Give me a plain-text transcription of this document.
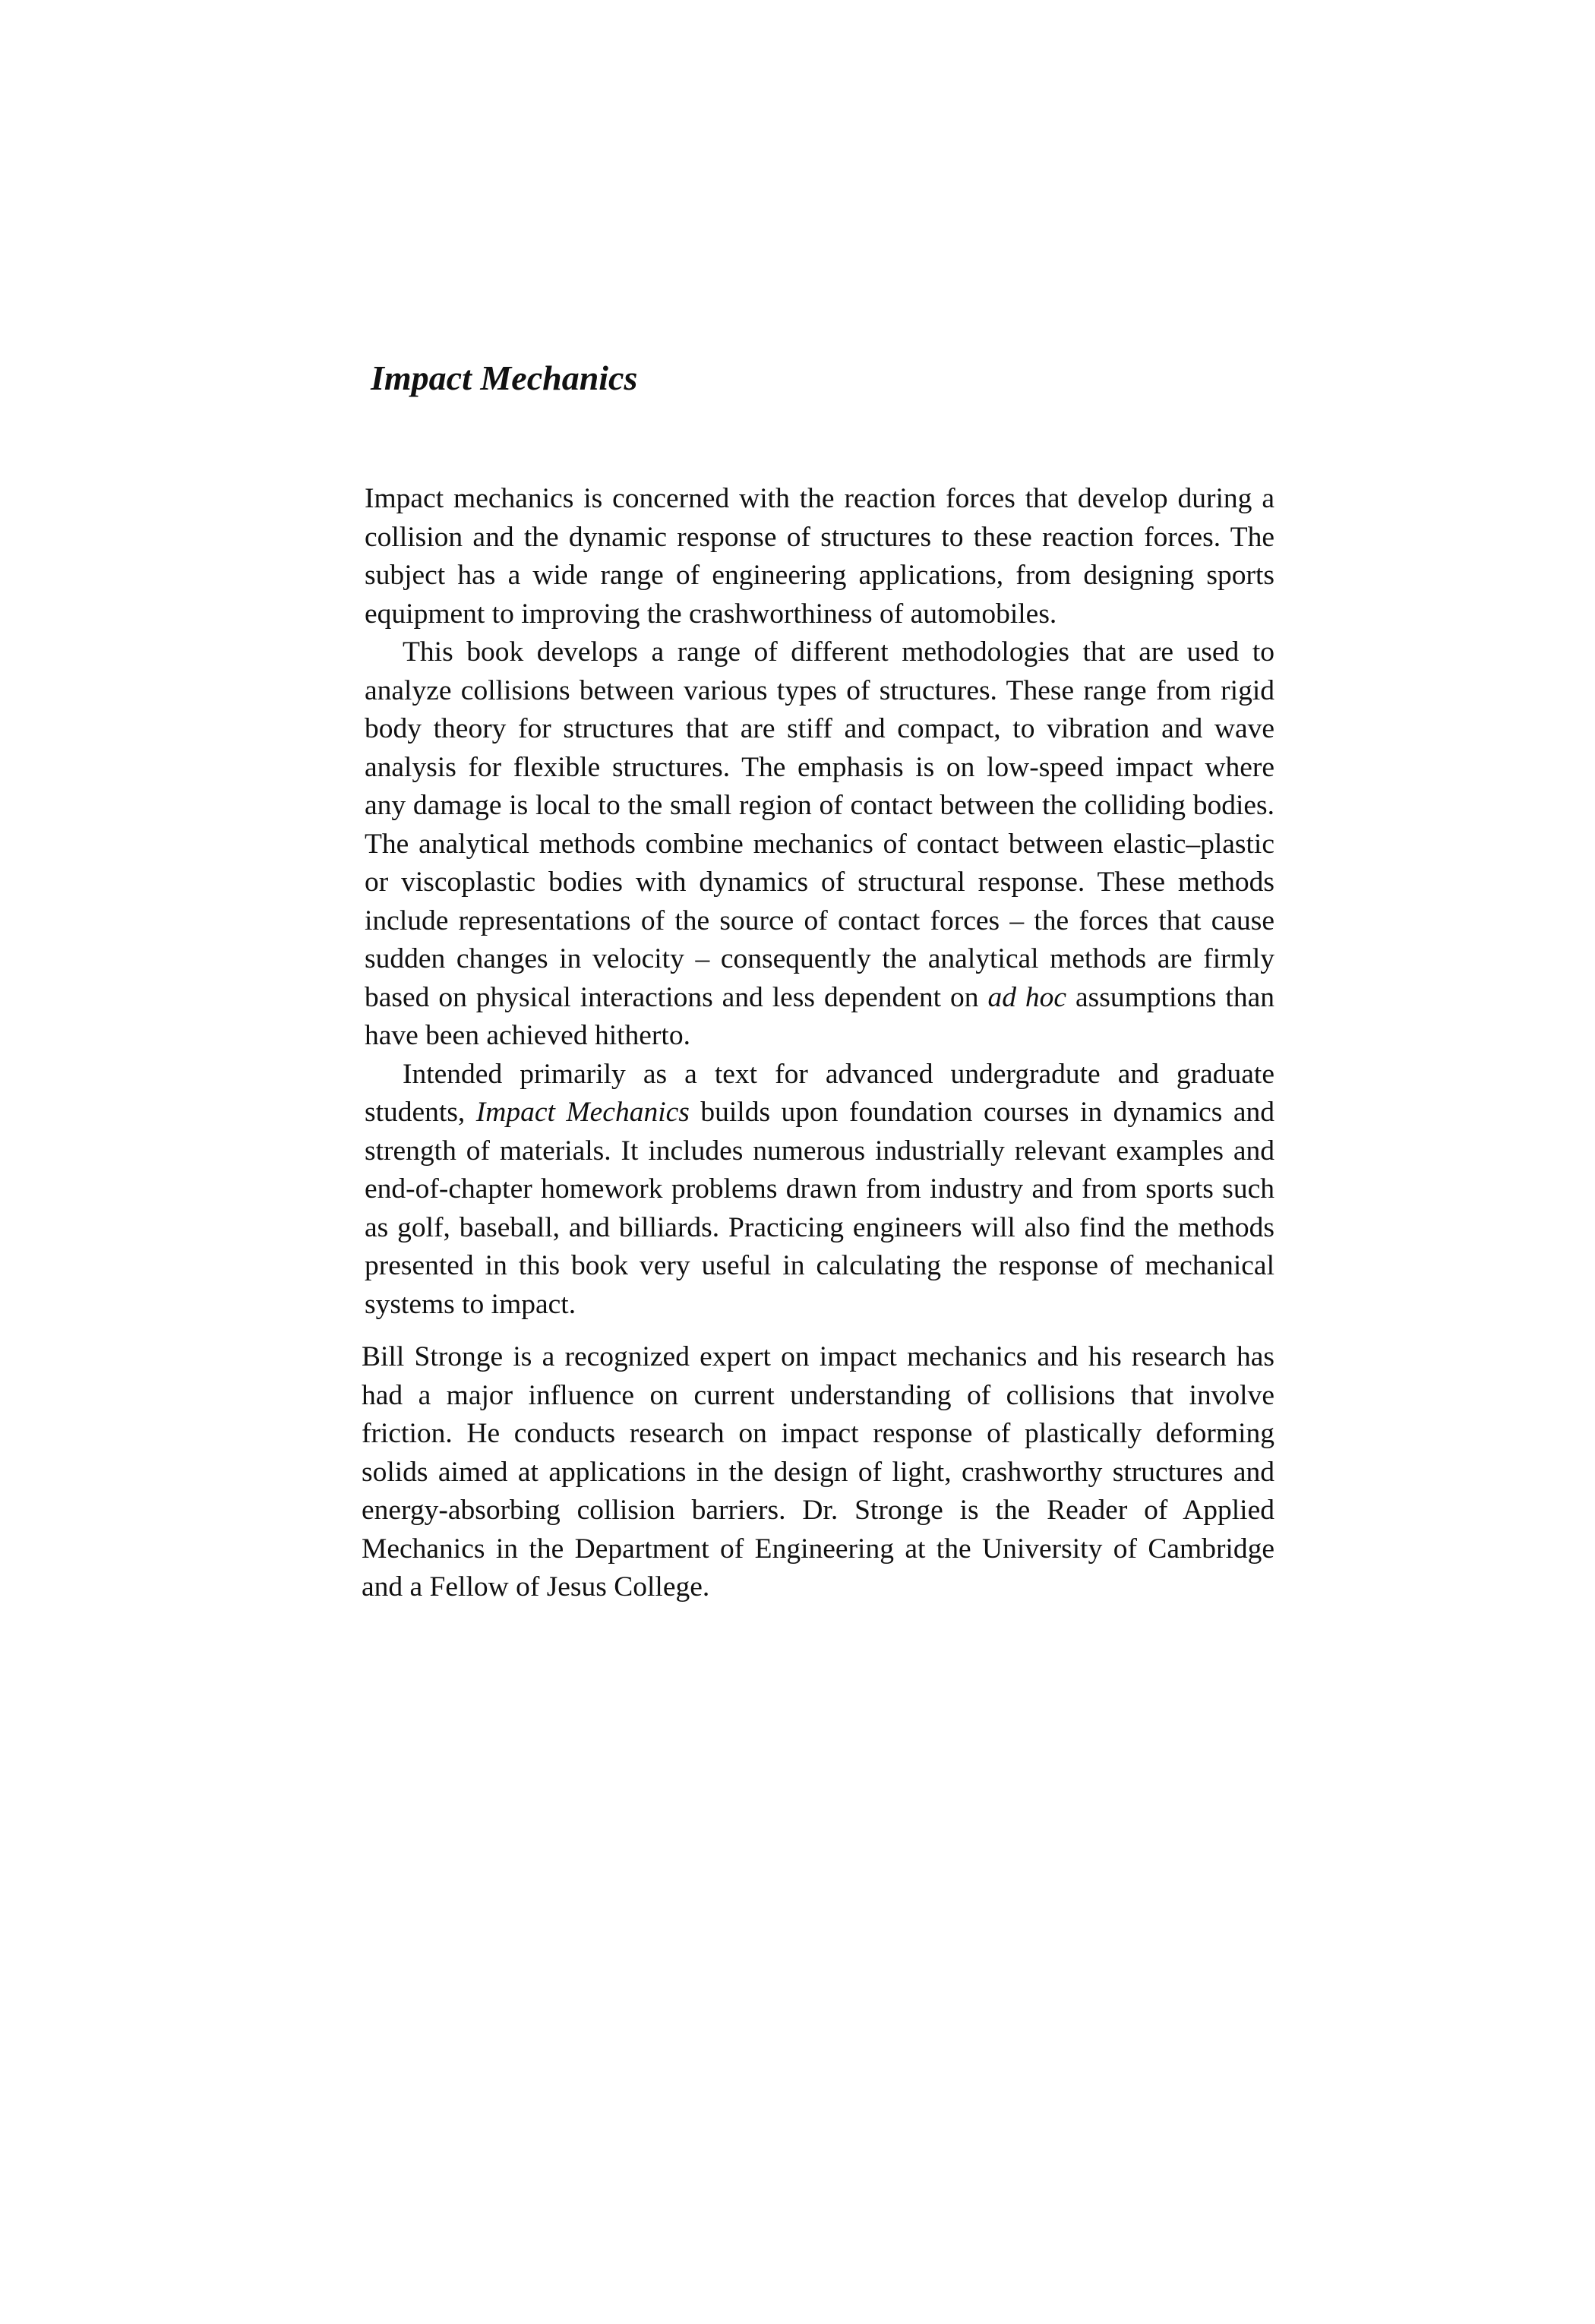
Impact Mechanics

Impact mechanics is concerned with the reaction forces that develop during a collision and the dynamic response of structures to these reaction forces. The subject has a wide range of engineering applications, from designing sports equipment to improving the crashworthiness of automobiles.

This book develops a range of different methodologies that are used to analyze collisions between various types of structures. These range from rigid body theory for structures that are stiff and compact, to vibration and wave analysis for flexible structures. The emphasis is on low-speed impact where any damage is local to the small region of contact between the colliding bodies. The analytical methods combine mechanics of contact between elastic–plastic or viscoplastic bodies with dynamics of structural response. These methods include representations of the source of contact forces – the forces that cause sudden changes in velocity – consequently the analytical methods are firmly based on physical interactions and less dependent on ad hoc assumptions than have been achieved hitherto.

Intended primarily as a text for advanced undergradute and graduate students, Impact Mechanics builds upon foundation courses in dynamics and strength of materials. It includes numerous industrially relevant examples and end-of-chapter homework problems drawn from industry and from sports such as golf, baseball, and billiards. Practicing engineers will also find the methods presented in this book very useful in calculating the response of mechanical systems to impact.

Bill Stronge is a recognized expert on impact mechanics and his research has had a major influence on current understanding of collisions that involve friction. He conducts research on impact response of plastically deforming solids aimed at applications in the design of light, crashworthy structures and energy-absorbing collision barriers. Dr. Stronge is the Reader of Applied Mechanics in the Department of Engineering at the University of Cambridge and a Fellow of Jesus College.
